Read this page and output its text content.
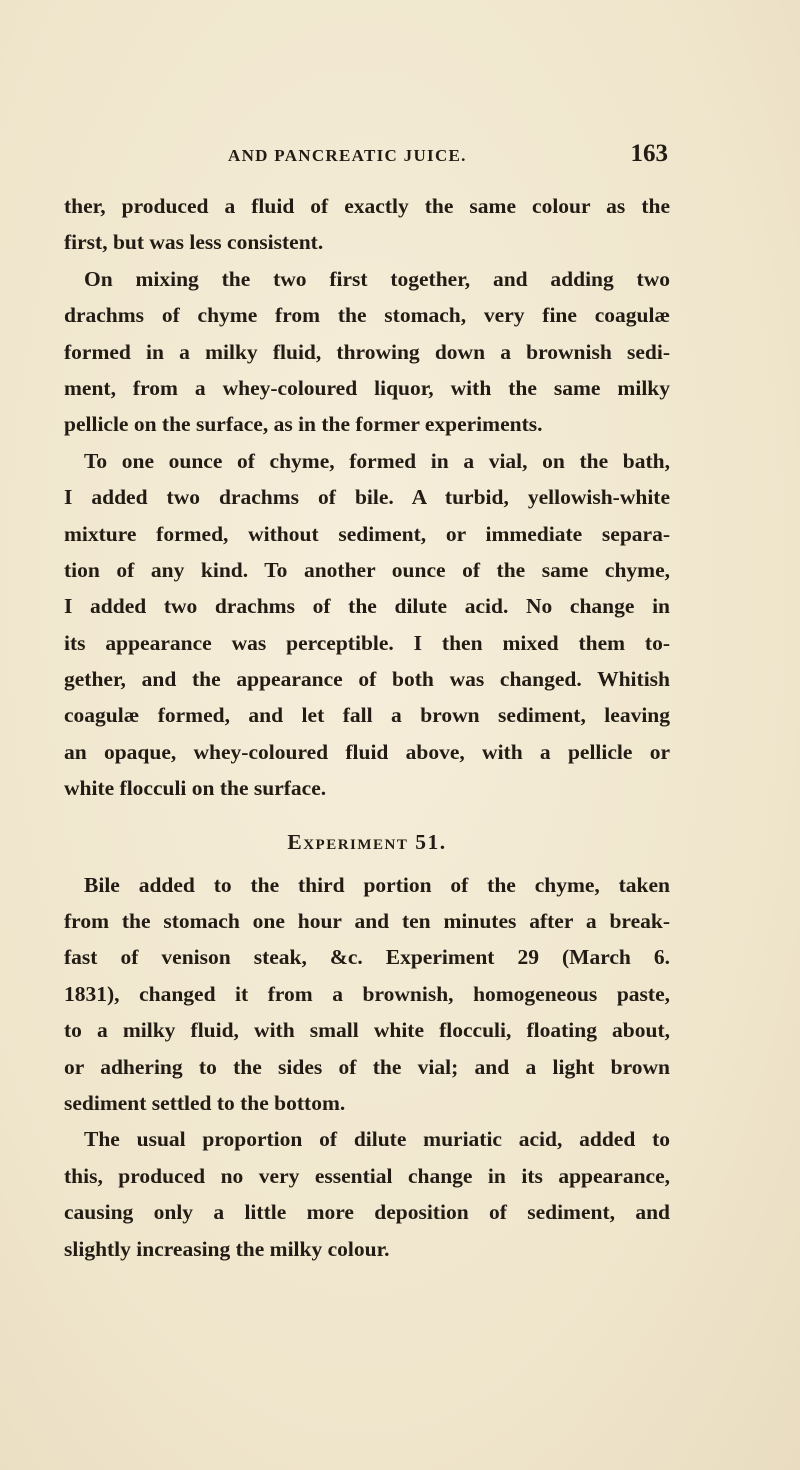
AND PANCREATIC JUICE.	163
ther, produced a fluid of exactly the same colour as the
first, but was less consistent.
On mixing the two first together, and adding two
drachms of chyme from the stomach, very fine coagulæ
formed in a milky fluid, throwing down a brownish sedi-
ment, from a whey-coloured liquor, with the same milky
pellicle on the surface, as in the former experiments.
To one ounce of chyme, formed in a vial, on the bath,
I added two drachms of bile. A turbid, yellowish-white
mixture formed, without sediment, or immediate separa-
tion of any kind. To another ounce of the same chyme,
I added two drachms of the dilute acid. No change in
its appearance was perceptible. I then mixed them to-
gether, and the appearance of both was changed. Whitish
coagulæ formed, and let fall a brown sediment, leaving
an opaque, whey-coloured fluid above, with a pellicle or
white flocculi on the surface.
Experiment 51.
Bile added to the third portion of the chyme, taken
from the stomach one hour and ten minutes after a break-
fast of venison steak, &c. Experiment 29 (March 6.
1831), changed it from a brownish, homogeneous paste,
to a milky fluid, with small white flocculi, floating about,
or adhering to the sides of the vial; and a light brown
sediment settled to the bottom.
The usual proportion of dilute muriatic acid, added to
this, produced no very essential change in its appearance,
causing only a little more deposition of sediment, and
slightly increasing the milky colour.
